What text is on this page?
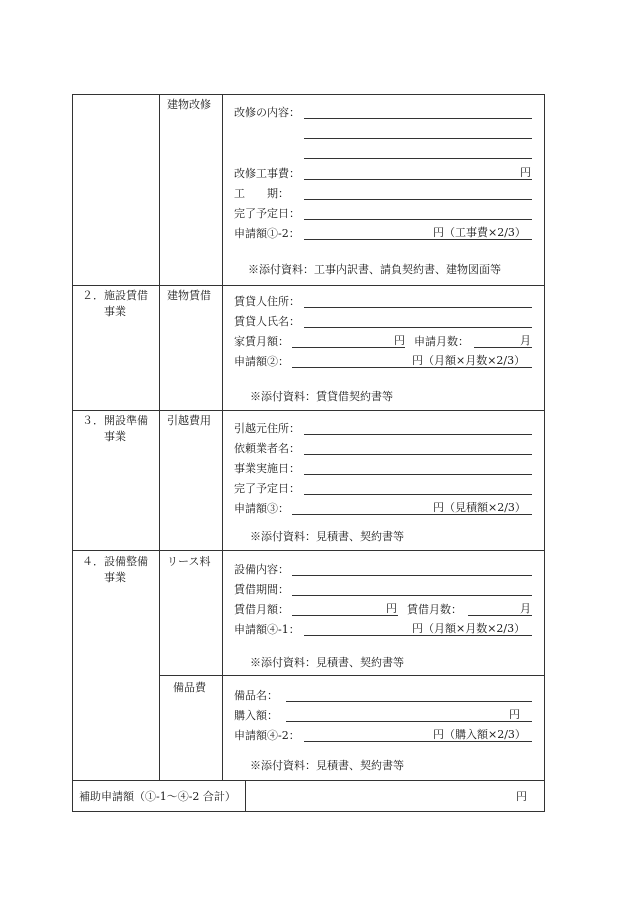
建物改修
改修の内容：
改修工事費：	円
工　　期：
完了予定日：
申請額①-2：	円（工事費×2/3）
※添付資料：工事内訳書、請負契約書、建物図面等
２．施設賃借
事業
建物賃借 賃貸人住所：
賃貸人氏名：
家賃月額：	円 申請月数：	月
申請額②：	円（月額×月数×2/3）
※添付資料：賃貸借契約書等
３．開設準備
事業
引越費用
引越元住所：
依頼業者名：
事業実施日：
完了予定日：
申請額③：	円（見積額×2/3）
※添付資料：見積書、契約書等
４．設備整備
事業
リース料
設備内容：
賃借期間：
賃借月額：	円 賃借月数：	月
申請額④-1：	円（月額×月数×2/3）
※添付資料：見積書、契約書等
備品費
備品名：
購入額：	円
申請額④-2：	円（購入額×2/3）
※添付資料：見積書、契約書等
補助申請額（①-1～④-2 合計）	円
